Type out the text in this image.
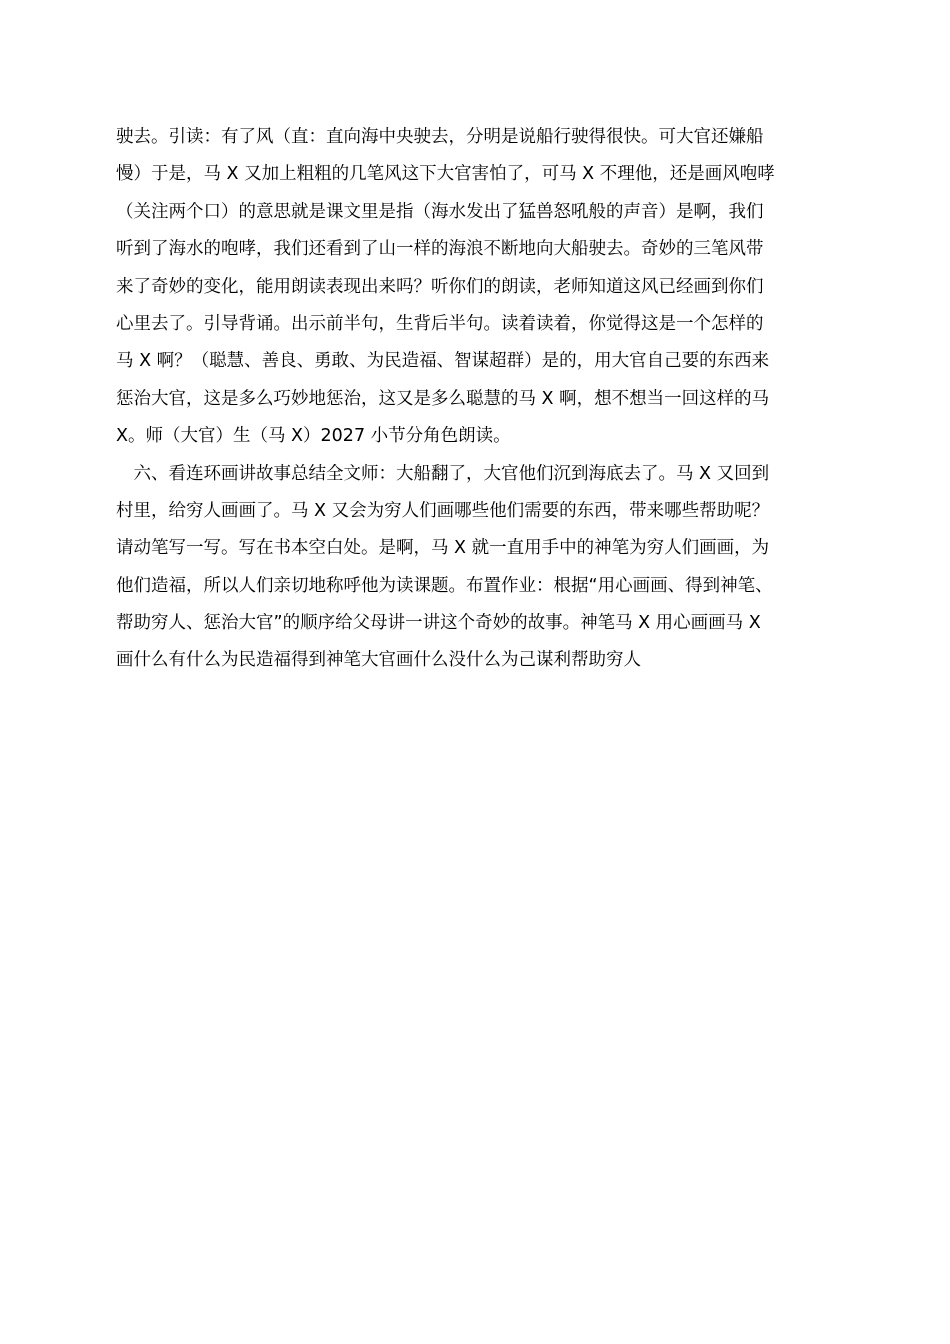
驶去。引读：有了风（直：直向海中央驶去，分明是说船行驶得很快。可大官还嫌船
慢）于是，马 X 又加上粗粗的几笔风这下大官害怕了，可马 X 不理他，还是画风咆哮
（关注两个口）的意思就是课文里是指（海水发出了猛兽怒吼般的声音）是啊，我们
听到了海水的咆哮，我们还看到了山一样的海浪不断地向大船驶去。奇妙的三笔风带
来了奇妙的变化，能用朗读表现出来吗？听你们的朗读，老师知道这风已经画到你们
心里去了。引导背诵。出示前半句，生背后半句。读着读着，你觉得这是一个怎样的
马 X 啊？（聪慧、善良、勇敢、为民造福、智谋超群）是的，用大官自己要的东西来
惩治大官，这是多么巧妙地惩治，这又是多么聪慧的马 X 啊，想不想当一回这样的马
X。师（大官）生（马 X）2027 小节分角色朗读。
　六、看连环画讲故事总结全文师：大船翻了，大官他们沉到海底去了。马 X 又回到
村里，给穷人画画了。马 X 又会为穷人们画哪些他们需要的东西，带来哪些帮助呢？
请动笔写一写。写在书本空白处。是啊，马 X 就一直用手中的神笔为穷人们画画，为
他们造福，所以人们亲切地称呼他为读课题。布置作业：根据“用心画画、得到神笔、
帮助穷人、惩治大官”的顺序给父母讲一讲这个奇妙的故事。神笔马 X 用心画画马 X
画什么有什么为民造福得到神笔大官画什么没什么为己谋利帮助穷人
